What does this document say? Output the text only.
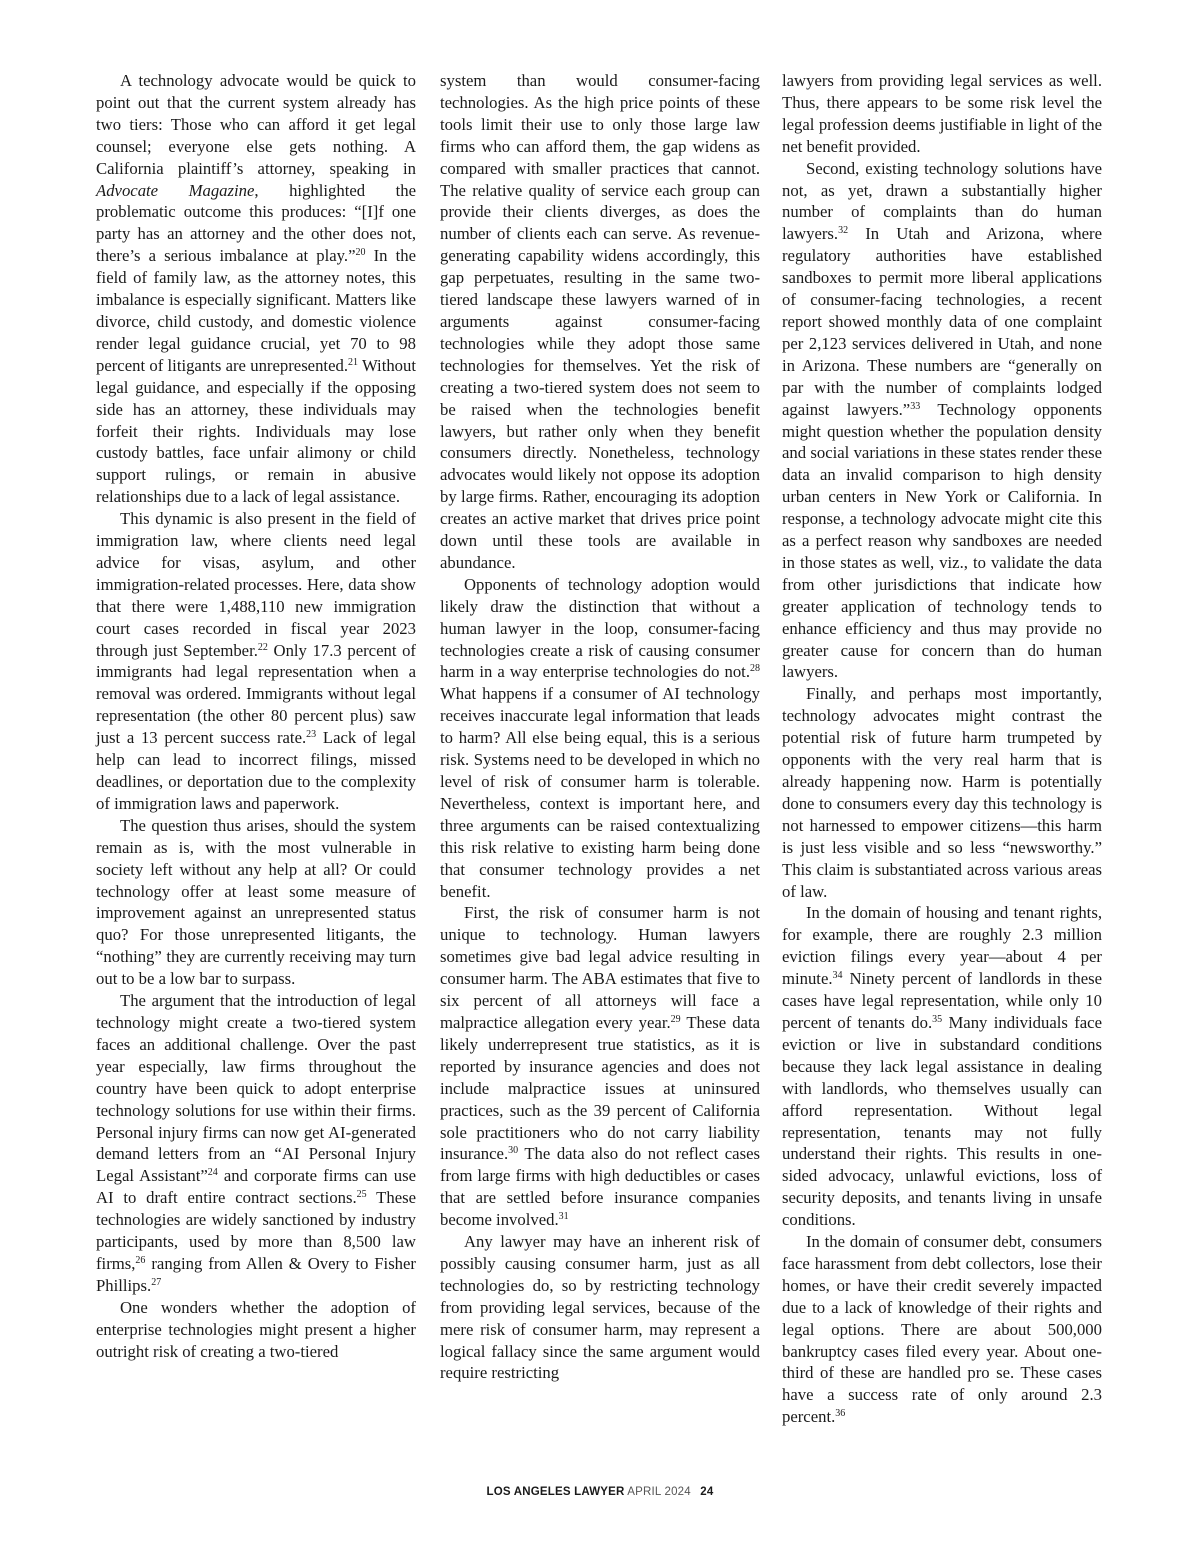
A technology advocate would be quick to point out that the current system already has two tiers: Those who can afford it get legal counsel; everyone else gets nothing. A California plaintiff’s attorney, speaking in Advocate Magazine, highlighted the problematic outcome this produces: “[I]f one party has an attorney and the other does not, there’s a serious imbalance at play.”$^{20}$ In the field of family law, as the attorney notes, this imbalance is especially significant. Matters like divorce, child custody, and domestic violence render legal guidance crucial, yet 70 to 98 percent of litigants are unrepresented.$^{21}$ Without legal guidance, and especially if the opposing side has an attorney, these individuals may forfeit their rights. Individuals may lose custody battles, face unfair alimony or child support rulings, or remain in abusive relationships due to a lack of legal assistance.

This dynamic is also present in the field of immigration law, where clients need legal advice for visas, asylum, and other immigration-related processes. Here, data show that there were 1,488,110 new immigration court cases recorded in fiscal year 2023 through just September.$^{22}$ Only 17.3 percent of immigrants had legal representation when a removal was ordered. Immigrants without legal representation (the other 80 percent plus) saw just a 13 percent success rate.$^{23}$ Lack of legal help can lead to incorrect filings, missed deadlines, or deportation due to the complexity of immigration laws and paperwork.

The question thus arises, should the system remain as is, with the most vulnerable in society left without any help at all? Or could technology offer at least some measure of improvement against an unrepresented status quo? For those unrepresented litigants, the “nothing” they are currently receiving may turn out to be a low bar to surpass.

The argument that the introduction of legal technology might create a two-tiered system faces an additional challenge. Over the past year especially, law firms throughout the country have been quick to adopt enterprise technology solutions for use within their firms. Personal injury firms can now get AI-generated demand letters from an “AI Personal Injury Legal Assistant”$^{24}$ and corporate firms can use AI to draft entire contract sections.$^{25}$ These technologies are widely sanctioned by industry participants, used by more than 8,500 law firms,$^{26}$ ranging from Allen & Overy to Fisher Phillips.$^{27}$

One wonders whether the adoption of enterprise technologies might present a higher outright risk of creating a two-tiered

system than would consumer-facing technologies. As the high price points of these tools limit their use to only those large law firms who can afford them, the gap widens as compared with smaller practices that cannot. The relative quality of service each group can provide their clients diverges, as does the number of clients each can serve. As revenue-generating capability widens accordingly, this gap perpetuates, resulting in the same two-tiered landscape these lawyers warned of in arguments against consumer-facing technologies while they adopt those same technologies for themselves. Yet the risk of creating a two-tiered system does not seem to be raised when the technologies benefit lawyers, but rather only when they benefit consumers directly. Nonetheless, technology advocates would likely not oppose its adoption by large firms. Rather, encouraging its adoption creates an active market that drives price point down until these tools are available in abundance.

Opponents of technology adoption would likely draw the distinction that without a human lawyer in the loop, consumer-facing technologies create a risk of causing consumer harm in a way enterprise technologies do not.$^{28}$ What happens if a consumer of AI technology receives inaccurate legal information that leads to harm? All else being equal, this is a serious risk. Systems need to be developed in which no level of risk of consumer harm is tolerable. Nevertheless, context is important here, and three arguments can be raised contextualizing this risk relative to existing harm being done that consumer technology provides a net benefit.

First, the risk of consumer harm is not unique to technology. Human lawyers sometimes give bad legal advice resulting in consumer harm. The ABA estimates that five to six percent of all attorneys will face a malpractice allegation every year.$^{29}$ These data likely underrepresent true statistics, as it is reported by insurance agencies and does not include malpractice issues at uninsured practices, such as the 39 percent of California sole practitioners who do not carry liability insurance.$^{30}$ The data also do not reflect cases from large firms with high deductibles or cases that are settled before insurance companies become involved.$^{31}$

Any lawyer may have an inherent risk of possibly causing consumer harm, just as all technologies do, so by restricting technology from providing legal services, because of the mere risk of consumer harm, may represent a logical fallacy since the same argument would require restricting

lawyers from providing legal services as well. Thus, there appears to be some risk level the legal profession deems justifiable in light of the net benefit provided.

Second, existing technology solutions have not, as yet, drawn a substantially higher number of complaints than do human lawyers.$^{32}$ In Utah and Arizona, where regulatory authorities have established sandboxes to permit more liberal applications of consumer-facing technologies, a recent report showed monthly data of one complaint per 2,123 services delivered in Utah, and none in Arizona. These numbers are “generally on par with the number of complaints lodged against lawyers.”$^{33}$ Technology opponents might question whether the population density and social variations in these states render these data an invalid comparison to high density urban centers in New York or California. In response, a technology advocate might cite this as a perfect reason why sandboxes are needed in those states as well, viz., to validate the data from other jurisdictions that indicate how greater application of technology tends to enhance efficiency and thus may provide no greater cause for concern than do human lawyers.

Finally, and perhaps most importantly, technology advocates might contrast the potential risk of future harm trumpeted by opponents with the very real harm that is already happening now. Harm is potentially done to consumers every day this technology is not harnessed to empower citizens—this harm is just less visible and so less “newsworthy.” This claim is substantiated across various areas of law.

In the domain of housing and tenant rights, for example, there are roughly 2.3 million eviction filings every year—about 4 per minute.$^{34}$ Ninety percent of landlords in these cases have legal representation, while only 10 percent of tenants do.$^{35}$ Many individuals face eviction or live in substandard conditions because they lack legal assistance in dealing with landlords, who themselves usually can afford representation. Without legal representation, tenants may not fully understand their rights. This results in one-sided advocacy, unlawful evictions, loss of security deposits, and tenants living in unsafe conditions.

In the domain of consumer debt, consumers face harassment from debt collectors, lose their homes, or have their credit severely impacted due to a lack of knowledge of their rights and legal options. There are about 500,000 bankruptcy cases filed every year. About one-third of these are handled pro se. These cases have a success rate of only around 2.3 percent.$^{36}$

LOS ANGELES LAWYER APRIL 2024 24
